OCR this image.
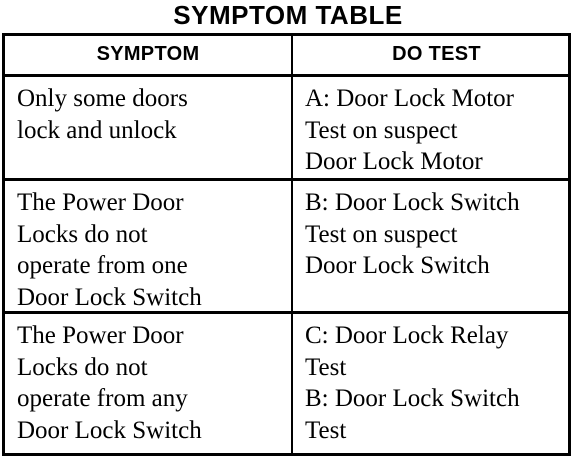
SYMPTOM TABLE
SYMPTOM	DO TEST
Only some doors
lock and unlock
A: Door Lock Motor
Test on suspect
Door Lock Motor
The Power Door
Locks do not
operate from one
Door Lock Switch
B: Door Lock Switch
Test on suspect
Door Lock Switch
The Power Door
Locks do not
operate from any
Door Lock Switch
C: Door Lock Relay
Test
B: Door Lock Switch
Test
